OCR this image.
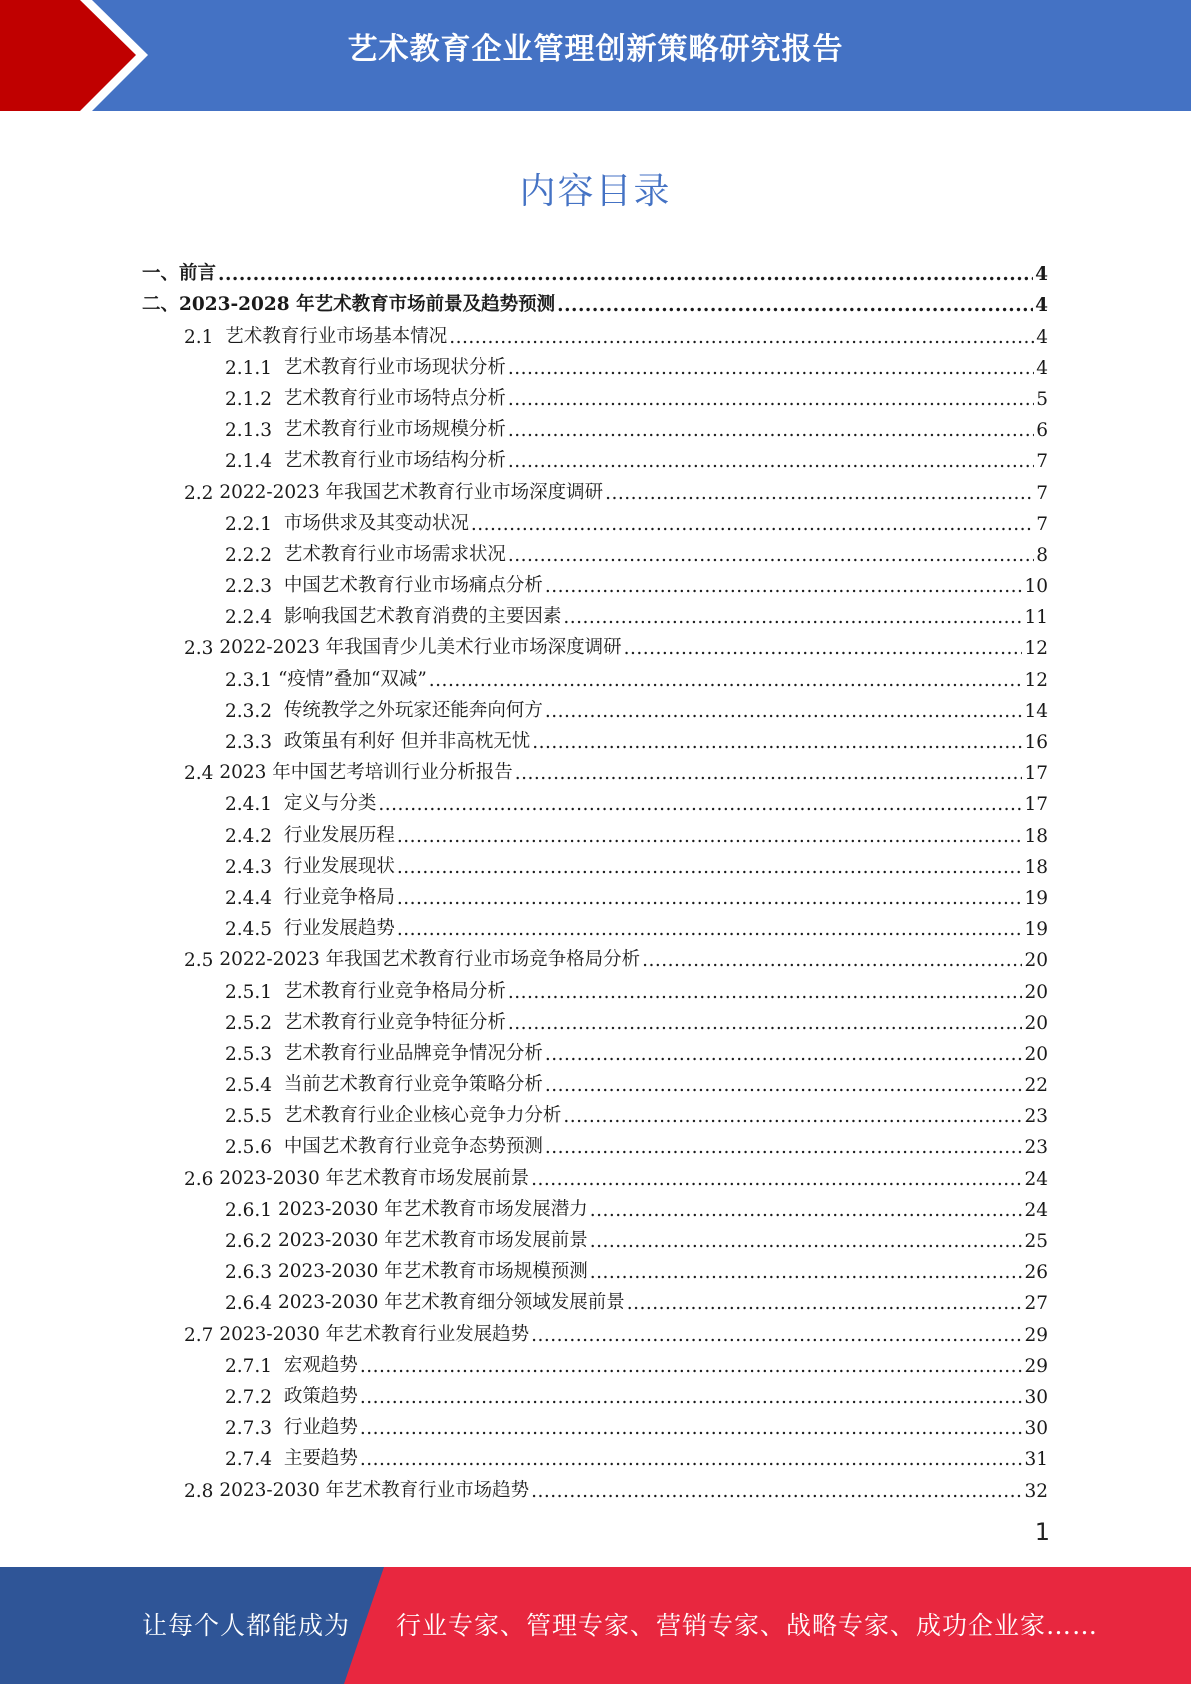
艺术教育企业管理创新策略研究报告
内容目录
一、 前言 .....	4
二、 2023-2028 年艺术教育市场前景及趋势预测 .....	4
2.1 艺术教育行业市场基本情况 .....	4
2.1.1 艺术教育行业市场现状分析 .....	4
2.1.2 艺术教育行业市场特点分析 .....	5
2.1.3 艺术教育行业市场规模分析 .....	6
2.1.4 艺术教育行业市场结构分析 .....	7
2.2 2022-2023 年我国艺术教育行业市场深度调研 .....	7
2.2.1 市场供求及其变动状况 .....	7
2.2.2 艺术教育行业市场需求状况 .....	8
2.2.3 中国艺术教育行业市场痛点分析 .....	10
2.2.4 影响我国艺术教育消费的主要因素 .....	11
2.3 2022-2023 年我国青少儿美术行业市场深度调研 .....	12
2.3.1 “疫情”叠加“双减” .....	12
2.3.2 传统教学之外玩家还能奔向何方 .....	14
2.3.3 政策虽有利好 但并非高枕无忧 .....	16
2.4 2023 年中国艺考培训行业分析报告 .....	17
2.4.1 定义与分类 .....	17
2.4.2 行业发展历程 .....	18
2.4.3 行业发展现状 .....	18
2.4.4 行业竞争格局 .....	19
2.4.5 行业发展趋势 .....	19
2.5 2022-2023 年我国艺术教育行业市场竞争格局分析 .....	20
2.5.1 艺术教育行业竞争格局分析 .....	20
2.5.2 艺术教育行业竞争特征分析 .....	20
2.5.3 艺术教育行业品牌竞争情况分析 .....	20
2.5.4 当前艺术教育行业竞争策略分析 .....	22
2.5.5 艺术教育行业企业核心竞争力分析 .....	23
2.5.6 中国艺术教育行业竞争态势预测 .....	23
2.6 2023-2030 年艺术教育市场发展前景 .....	24
2.6.1 2023-2030 年艺术教育市场发展潜力 .....	24
2.6.2 2023-2030 年艺术教育市场发展前景 .....	25
2.6.3 2023-2030 年艺术教育市场规模预测 .....	26
2.6.4 2023-2030 年艺术教育细分领域发展前景 .....	27
2.7 2023-2030 年艺术教育行业发展趋势 .....	29
2.7.1 宏观趋势 .....	29
2.7.2 政策趋势 .....	30
2.7.3 行业趋势 .....	30
2.7.4 主要趋势 .....	31
2.8 2023-2030 年艺术教育行业市场趋势 .....	32
1
让每个人都能成为 行业专家、管理专家、营销专家、战略专家、成功企业家……
